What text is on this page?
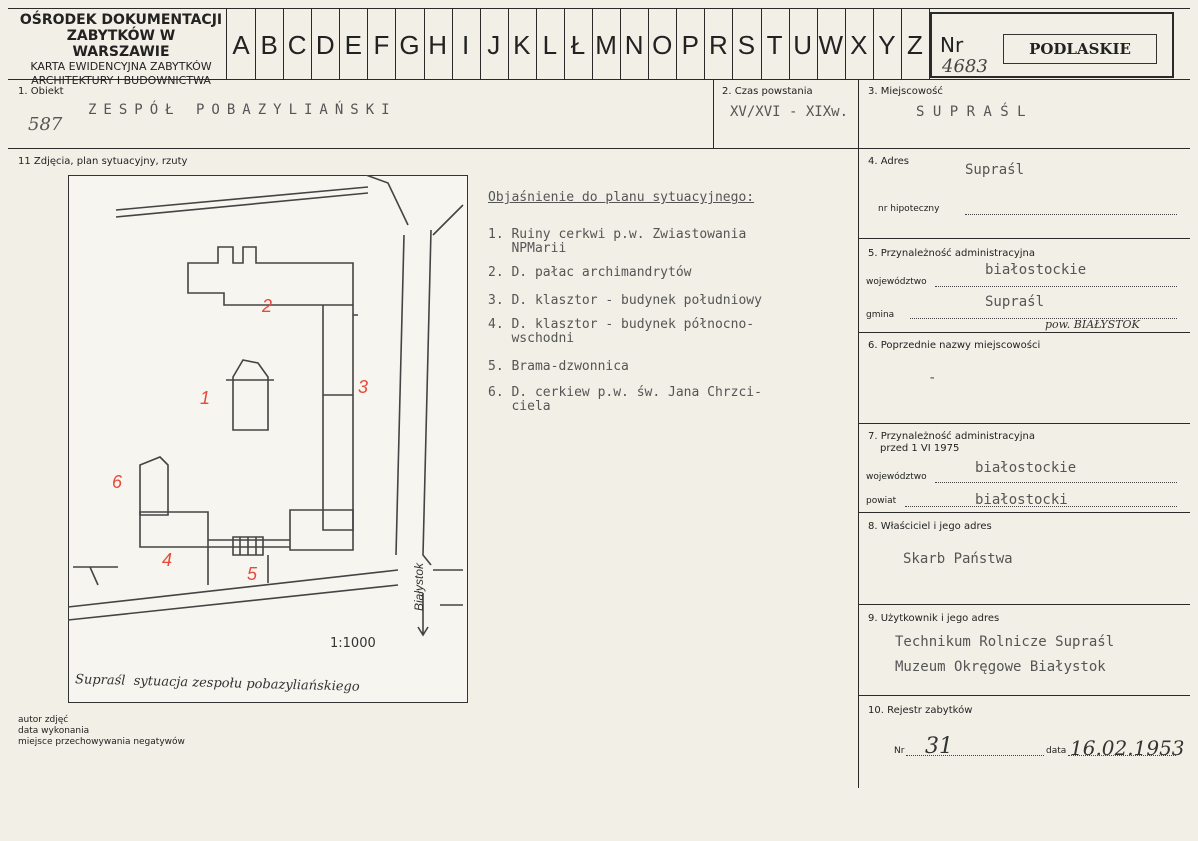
OŚRODEK DOKUMENTACJI
ZABYTKÓW W WARSZAWIE
KARTA EWIDENCYJNA ZABYTKÓW
ARCHITEKTURY I BUDOWNICTWA
A B C D E F G H I J K L Ł M N O P R S T U W X Y Z Nr
4683
PODLASKIE
1. Obiekt
ZESPÓŁ POBAZYLIAŃSKI
587
2. Czas powstania
XV/XVI - XIXw.
3. Miejscowość
S U P R A Ś L
11 Zdjęcia, plan sytuacyjny, rzuty
1
2
3
4
5
6
Białystok
1:1000
Supraśl  sytuacja zespołu pobazyliańskiego
Objaśnienie do planu sytuacyjnego:
1. Ruiny cerkwi p.w. Zwiastowania
NPMarii
2. D. pałac archimandrytów
3. D. klasztor - budynek południowy
4. D. klasztor - budynek północno-
wschodni
5. Brama-dzwonnica
6. D. cerkiew p.w. św. Jana Chrzci-
ciela
4. Adres
Supraśl
nr hipoteczny
5. Przynależność administracyjna
województwo
białostockie
gmina
Supraśl
pow. BIAŁYSTOK
6. Poprzednie nazwy miejscowości
-
7. Przynależność administracyjna
przed 1 VI 1975
województwo
białostockie
powiat	białostocki
8. Właściciel i jego adres
Skarb Państwa
9. Użytkownik i jego adres
Technikum Rolnicze Supraśl
Muzeum Okręgowe Białystok
10. Rejestr zabytków
Nr 31	data 16.02.1953
autor zdjęć
data wykonania
miejsce przechowywania negatywów
